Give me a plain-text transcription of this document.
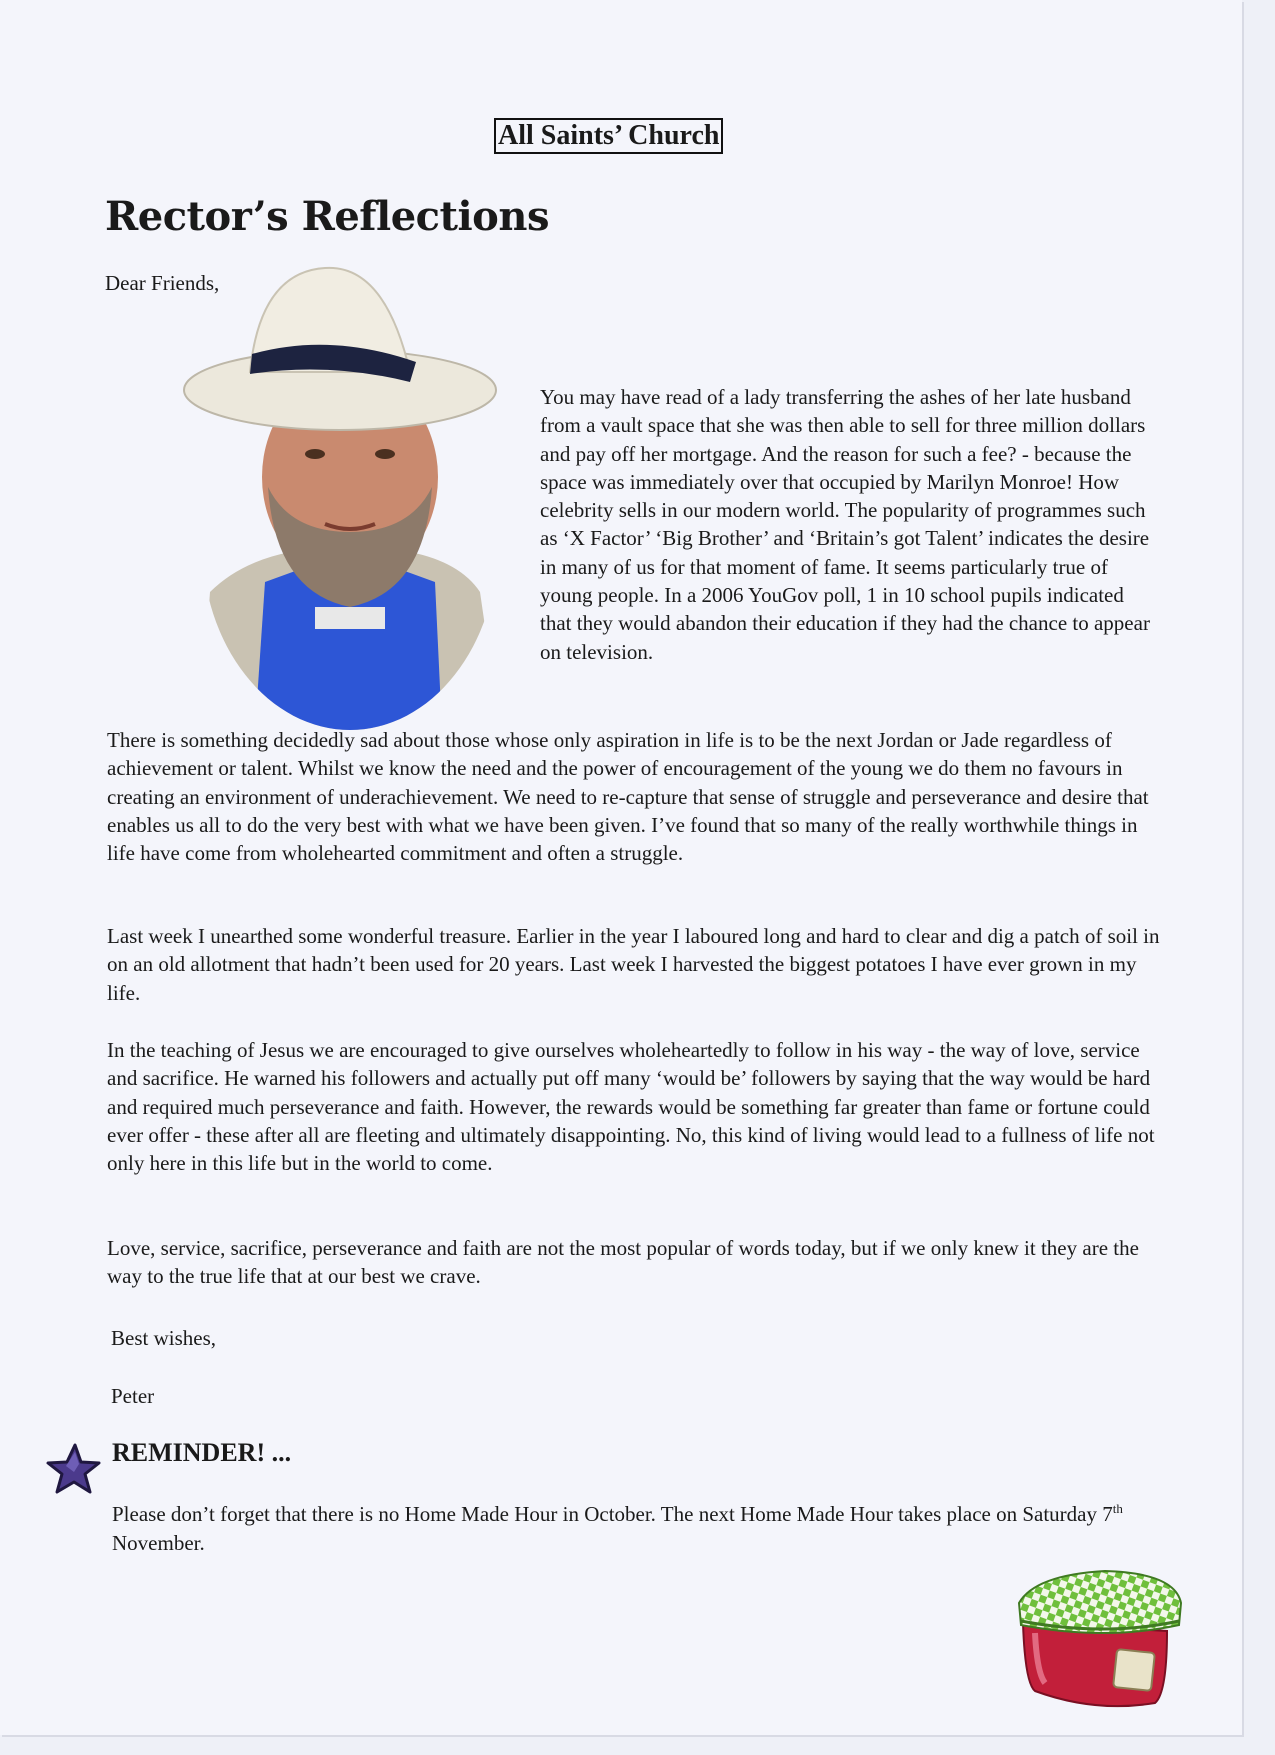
All Saints’ Church
Rector’s Reflections
Dear Friends,
You may have read of a lady transferring the ashes of her late husband from a vault space that she was then able to sell for three million dollars and pay off her mortgage. And the reason for such a fee? - because the space was immediately over that occupied by Marilyn Monroe! How celebrity sells in our modern world. The popularity of programmes such as ‘X Factor’ ‘Big Brother’ and ‘Britain’s got Talent’ indicates the desire in many of us for that moment of fame. It seems particularly true of young people. In a 2006 YouGov poll, 1 in 10 school pupils indicated that they would abandon their education if they had the chance to appear on television.

There is something decidedly sad about those whose only aspiration in life is to be the next Jordan or Jade regardless of achievement or talent. Whilst we know the need and the power of encouragement of the young we do them no favours in creating an environment of underachievement. We need to re-capture that sense of struggle and perseverance and desire that enables us all to do the very best with what we have been given. I’ve found that so many of the really worthwhile things in life have come from wholehearted commitment and often a struggle.

Last week I unearthed some wonderful treasure. Earlier in the year I laboured long and hard to clear and dig a patch of soil in on an old allotment that hadn’t been used for 20 years. Last week I harvested the biggest potatoes I have ever grown in my life.

In the teaching of Jesus we are encouraged to give ourselves wholeheartedly to follow in his way - the way of love, service and sacrifice. He warned his followers and actually put off many ‘would be’ followers by saying that the way would be hard and required much perseverance and faith. However, the rewards would be something far greater than fame or fortune could ever offer - these after all are fleeting and ultimately disappointing. No, this kind of living would lead to a fullness of life not only here in this life but in the world to come.

Love, service, sacrifice, perseverance and faith are not the most popular of words today, but if we only knew it they are the way to the true life that at our best we crave.

Best wishes,
Peter
REMINDER! ...
Please don’t forget that there is no Home Made Hour in October. The next Home Made Hour takes place on Saturday 7th November.
